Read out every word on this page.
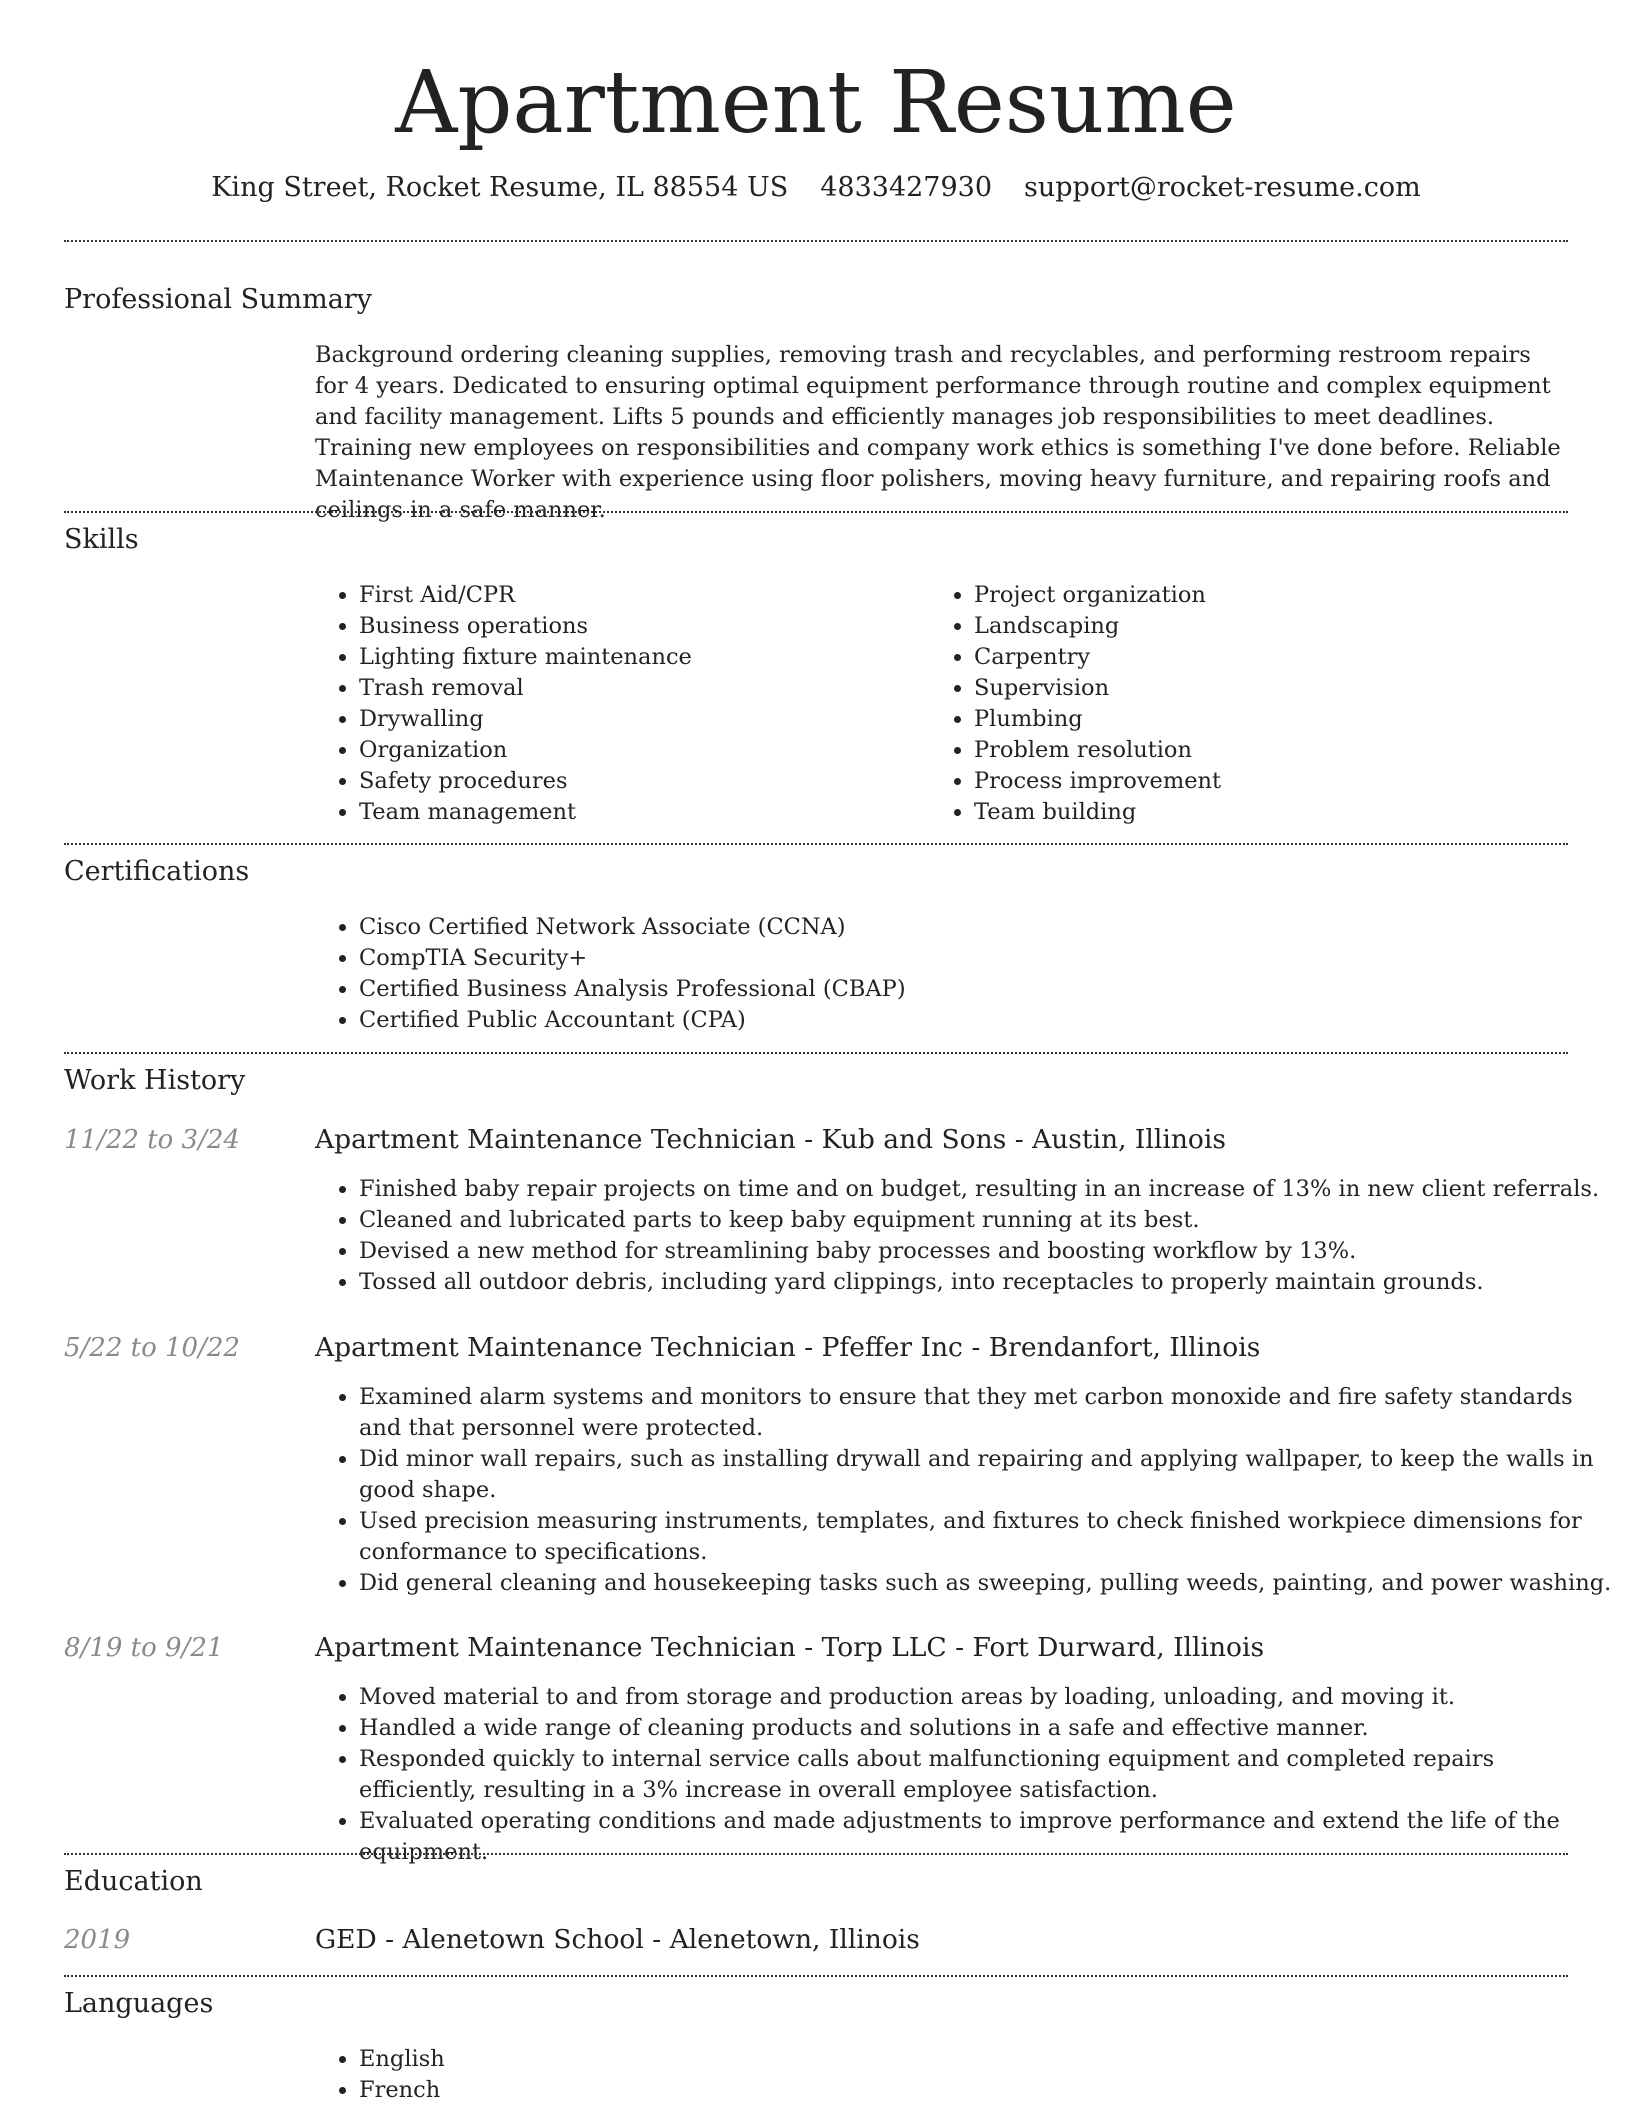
Apartment Resume
King Street, Rocket Resume, IL 88554 US 4833427930 support@rocket-resume.com
Professional Summary
Background ordering cleaning supplies, removing trash and recyclables, and performing restroom repairs for 4 years. Dedicated to ensuring optimal equipment performance through routine and complex equipment and facility management. Lifts 5 pounds and efficiently manages job responsibilities to meet deadlines. Training new employees on responsibilities and company work ethics is something I've done before. Reliable Maintenance Worker with experience using floor polishers, moving heavy furniture, and repairing roofs and ceilings in a safe manner.
Skills
• First Aid/CPR
• Business operations
• Lighting fixture maintenance
• Trash removal
• Drywalling
• Organization
• Safety procedures
• Team management
• Project organization
• Landscaping
• Carpentry
• Supervision
• Plumbing
• Problem resolution
• Process improvement
• Team building
Certifications
• Cisco Certified Network Associate (CCNA)
• CompTIA Security+
• Certified Business Analysis Professional (CBAP)
• Certified Public Accountant (CPA)
Work History
11/22 to 3/24	Apartment Maintenance Technician - Kub and Sons - Austin, Illinois
• Finished baby repair projects on time and on budget, resulting in an increase of 13% in new client referrals.
• Cleaned and lubricated parts to keep baby equipment running at its best.
• Devised a new method for streamlining baby processes and boosting workflow by 13%.
• Tossed all outdoor debris, including yard clippings, into receptacles to properly maintain grounds.
5/22 to 10/22	Apartment Maintenance Technician - Pfeffer Inc - Brendanfort, Illinois
• Examined alarm systems and monitors to ensure that they met carbon monoxide and fire safety standards and that personnel were protected.
• Did minor wall repairs, such as installing drywall and repairing and applying wallpaper, to keep the walls in good shape.
• Used precision measuring instruments, templates, and fixtures to check finished workpiece dimensions for conformance to specifications.
• Did general cleaning and housekeeping tasks such as sweeping, pulling weeds, painting, and power washing.
8/19 to 9/21	Apartment Maintenance Technician - Torp LLC - Fort Durward, Illinois
• Moved material to and from storage and production areas by loading, unloading, and moving it.
• Handled a wide range of cleaning products and solutions in a safe and effective manner.
• Responded quickly to internal service calls about malfunctioning equipment and completed repairs efficiently, resulting in a 3% increase in overall employee satisfaction.
• Evaluated operating conditions and made adjustments to improve performance and extend the life of the equipment.
Education
2019	GED - Alenetown School - Alenetown, Illinois
Languages
• English
• French
